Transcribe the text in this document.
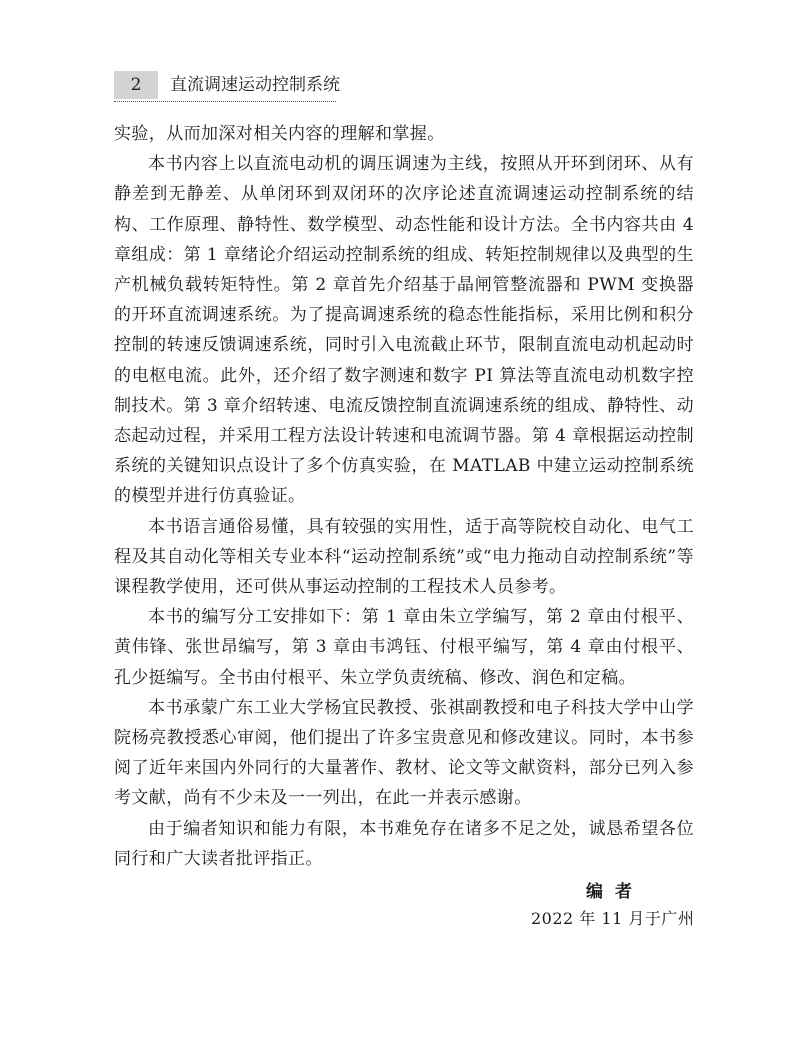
2	直流调速运动控制系统

实验，从而加深对相关内容的理解和掌握。

本书内容上以直流电动机的调压调速为主线，按照从开环到闭环、从有静差到无静差、从单闭环到双闭环的次序论述直流调速运动控制系统的结构、工作原理、静特性、数学模型、动态性能和设计方法。全书内容共由 4 章组成：第 1 章绪论介绍运动控制系统的组成、转矩控制规律以及典型的生产机械负载转矩特性。第 2 章首先介绍基于晶闸管整流器和 PWM 变换器的开环直流调速系统。为了提高调速系统的稳态性能指标，采用比例和积分控制的转速反馈调速系统，同时引入电流截止环节，限制直流电动机起动时的电枢电流。此外，还介绍了数字测速和数字 PI 算法等直流电动机数字控制技术。第 3 章介绍转速、电流反馈控制直流调速系统的组成、静特性、动态起动过程，并采用工程方法设计转速和电流调节器。第 4 章根据运动控制系统的关键知识点设计了多个仿真实验，在 MATLAB 中建立运动控制系统的模型并进行仿真验证。

本书语言通俗易懂，具有较强的实用性，适于高等院校自动化、电气工程及其自动化等相关专业本科“运动控制系统”或“电力拖动自动控制系统”等课程教学使用，还可供从事运动控制的工程技术人员参考。

本书的编写分工安排如下：第 1 章由朱立学编写，第 2 章由付根平、黄伟锋、张世昂编写，第 3 章由韦鸿钰、付根平编写，第 4 章由付根平、孔少挺编写。全书由付根平、朱立学负责统稿、修改、润色和定稿。

本书承蒙广东工业大学杨宜民教授、张祺副教授和电子科技大学中山学院杨亮教授悉心审阅，他们提出了许多宝贵意见和修改建议。同时，本书参阅了近年来国内外同行的大量著作、教材、论文等文献资料，部分已列入参考文献，尚有不少未及一一列出，在此一并表示感谢。

由于编者知识和能力有限，本书难免存在诸多不足之处，诚恳希望各位同行和广大读者批评指正。

编者
2022 年 11 月于广州
